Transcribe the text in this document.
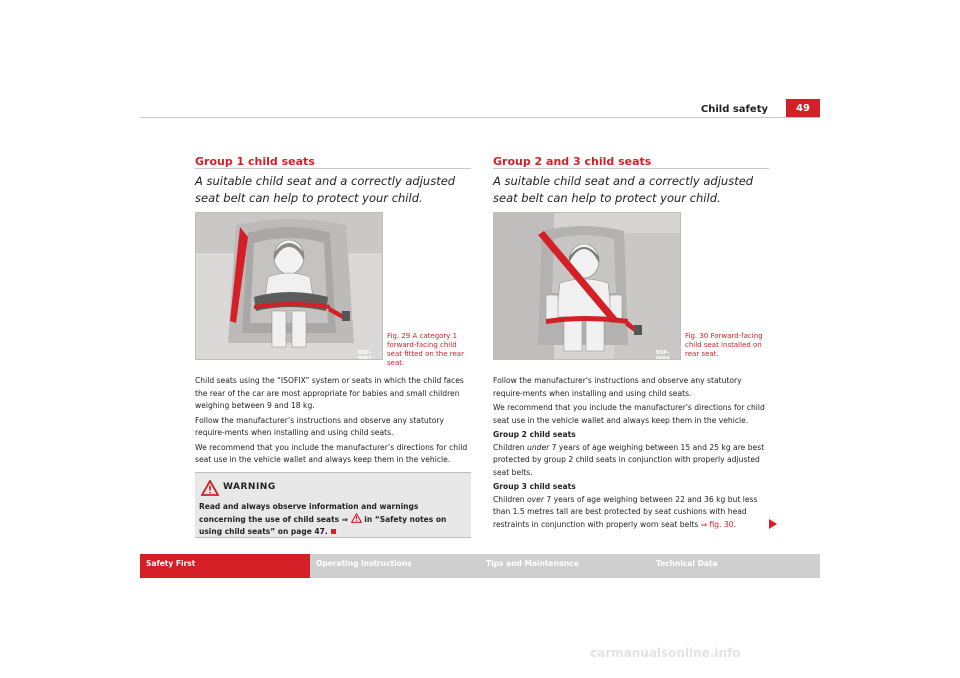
Child safety	49
Group 1 child seats
A suitable child seat and a correctly adjusted seat belt can help to protect your child.
B5P-0063
Fig. 29 A category 1 forward-facing child seat fitted on the rear seat.

Child seats using the “ISOFIX” system or seats in which the child faces the rear of the car are most appropriate for babies and small children weighing between 9 and 18 kg.

Follow the manufacturer’s instructions and observe any statutory require-ments when installing and using child seats.

We recommend that you include the manufacturer’s directions for child seat use in the vehicle wallet and always keep them in the vehicle.

WARNING
Read and always observe information and warnings concerning the use of child seats ⇒  in “Safety notes on using child seats” on page 47.
Group 2 and 3 child seats
A suitable child seat and a correctly adjusted seat belt can help to protect your child.
B5P-0064
Fig. 30 Forward-facing child seat installed on rear seat.

Follow the manufacturer's instructions and observe any statutory require-ments when installing and using child seats.

We recommend that you include the manufacturer's directions for child seat use in the vehicle wallet and always keep them in the vehicle.

Group 2 child seats

Children under 7 years of age weighing between 15 and 25 kg are best protected by group 2 child seats in conjunction with properly adjusted seat belts.

Group 3 child seats

Children over 7 years of age weighing between 22 and 36 kg but less than 1.5 metres tall are best protected by seat cushions with head restraints in conjunction with properly worn seat belts ⇒ fig. 30.

Safety First	Operating instructions	Tips and Maintenance	Technical Data
carmanualsonline.info
